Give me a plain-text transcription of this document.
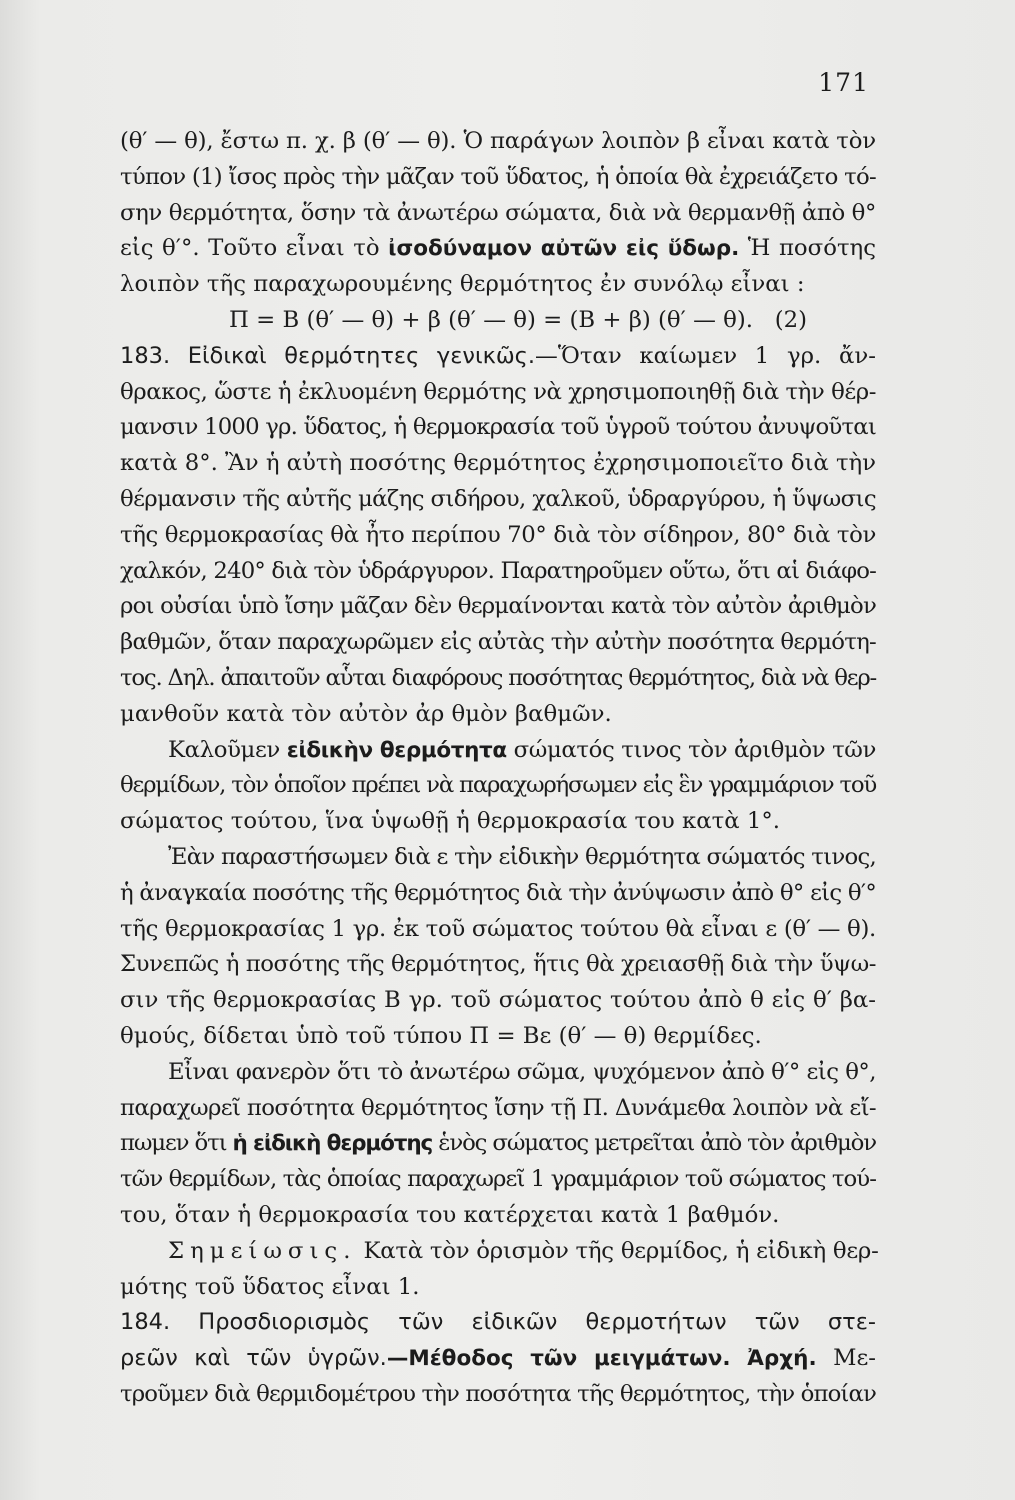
171
(θ′ — θ), ἔστω π. χ. β (θ′ — θ). Ὁ παράγων λοιπὸν β εἶναι κατὰ τὸν
τύπον (1) ἴσος πρὸς τὴν μᾶζαν τοῦ ὕδατος, ἡ ὁποία θὰ ἐχρειάζετο τό-
σην θερμότητα, ὅσην τὰ ἀνωτέρω σώματα, διὰ νὰ θερμανθῇ ἀπὸ θ°
εἰς θ′°. Τοῦτο εἶναι τὸ ἰσοδύναμον αὐτῶν εἰς ὕδωρ. Ἡ ποσότης
λοιπὸν τῆς παραχωρουμένης θερμότητος ἐν συνόλῳ εἶναι :
Π = Β (θ′ — θ) + β (θ′ — θ) = (Β + β) (θ′ — θ).   (2)
183. Εἰδικαὶ θερμότητες γενικῶς.—Ὅταν καίωμεν 1 γρ. ἄν-
θρακος, ὥστε ἡ ἐκλυομένη θερμότης νὰ χρησιμοποιηθῇ διὰ τὴν θέρ-
μανσιν 1000 γρ. ὕδατος, ἡ θερμοκρασία τοῦ ὑγροῦ τούτου ἀνυψοῦται
κατὰ 8°. Ἂν ἡ αὐτὴ ποσότης θερμότητος ἐχρησιμοποιεῖτο διὰ τὴν
θέρμανσιν τῆς αὐτῆς μάζης σιδήρου, χαλκοῦ, ὑδραργύρου, ἡ ὕψωσις
τῆς θερμοκρασίας θὰ ἦτο περίπου 70° διὰ τὸν σίδηρον, 80° διὰ τὸν
χαλκόν, 240° διὰ τὸν ὑδράργυρον. Παρατηροῦμεν οὕτω, ὅτι αἱ διάφο-
ροι οὐσίαι ὑπὸ ἴσην μᾶζαν δὲν θερμαίνονται κατὰ τὸν αὐτὸν ἀριθμὸν
βαθμῶν, ὅταν παραχωρῶμεν εἰς αὐτὰς τὴν αὐτὴν ποσότητα θερμότη-
τος. Δηλ. ἀπαιτοῦν αὗται διαφόρους ποσότητας θερμότητος, διὰ νὰ θερ-
μανθοῦν κατὰ τὸν αὐτὸν ἀρ θμὸν βαθμῶν.
Καλοῦμεν εἰδικὴν θερμότητα σώματός τινος τὸν ἀριθμὸν τῶν
θερμίδων, τὸν ὁποῖον πρέπει νὰ παραχωρήσωμεν εἰς ἓν γραμμάριον τοῦ
σώματος τούτου, ἵνα ὑψωθῇ ἡ θερμοκρασία του κατὰ 1°.
Ἐὰν παραστήσωμεν διὰ ε τὴν εἰδικὴν θερμότητα σώματός τινος,
ἡ ἀναγκαία ποσότης τῆς θερμότητος διὰ τὴν ἀνύψωσιν ἀπὸ θ° εἰς θ′°
τῆς θερμοκρασίας 1 γρ. ἐκ τοῦ σώματος τούτου θὰ εἶναι ε (θ′ — θ).
Συνεπῶς ἡ ποσότης τῆς θερμότητος, ἥτις θὰ χρειασθῇ διὰ τὴν ὕψω-
σιν τῆς θερμοκρασίας Β γρ. τοῦ σώματος τούτου ἀπὸ θ εἰς θ′ βα-
θμούς, δίδεται ὑπὸ τοῦ τύπου Π = Βε (θ′ — θ) θερμίδες.
Εἶναι φανερὸν ὅτι τὸ ἀνωτέρω σῶμα, ψυχόμενον ἀπὸ θ′° εἰς θ°,
παραχωρεῖ ποσότητα θερμότητος ἴσην τῇ Π. Δυνάμεθα λοιπὸν νὰ εἴ-
πωμεν ὅτι ἡ εἰδικὴ θερμότης ἑνὸς σώματος μετρεῖται ἀπὸ τὸν ἀριθμὸν
τῶν θερμίδων, τὰς ὁποίας παραχωρεῖ 1 γραμμάριον τοῦ σώματος τού-
του, ὅταν ἡ θερμοκρασία του κατέρχεται κατὰ 1 βαθμόν.
Σημείωσις. Κατὰ τὸν ὁρισμὸν τῆς θερμίδος, ἡ εἰδικὴ θερ-
μότης τοῦ ὕδατος εἶναι 1.
184. Προσδιορισμὸς τῶν εἰδικῶν θερμοτήτων τῶν στε-
ρεῶν καὶ τῶν ὑγρῶν.—Μέθοδος τῶν μειγμάτων. Ἀρχή. Με-
τροῦμεν διὰ θερμιδομέτρου τὴν ποσότητα τῆς θερμότητος, τὴν ὁποίαν
